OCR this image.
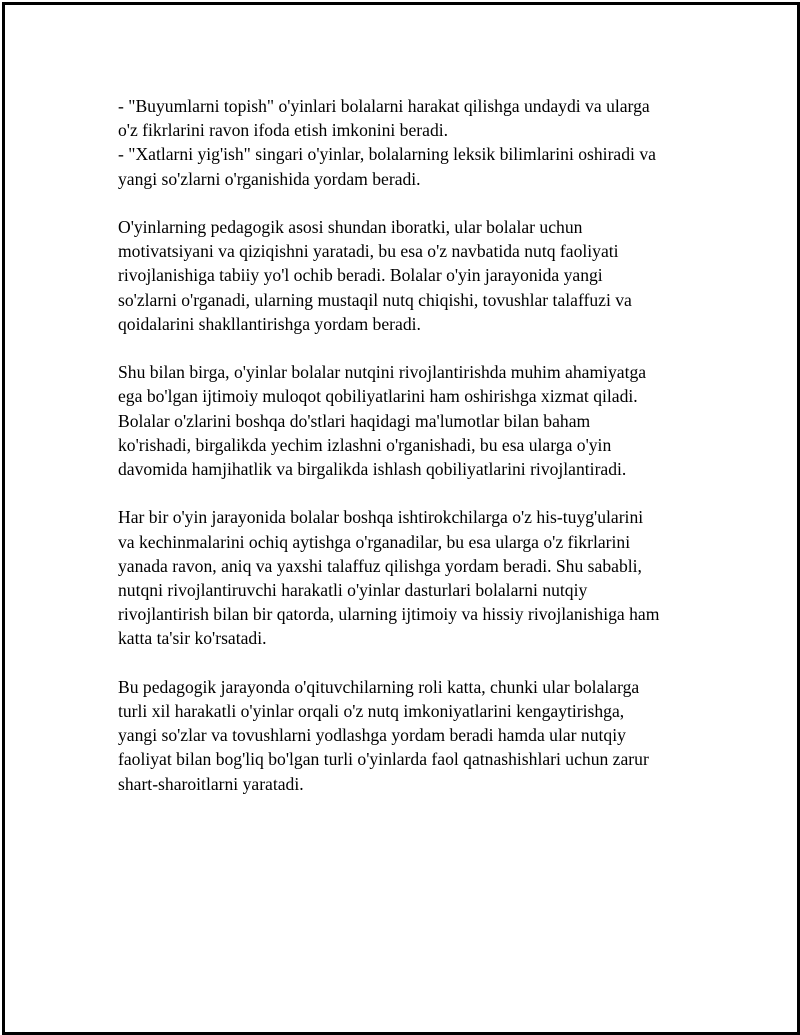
- "Buyumlarni topish" o'yinlari bolalarni harakat qilishga undaydi va ularga
o'z fikrlarini ravon ifoda etish imkonini beradi.
- "Xatlarni yig'ish" singari o'yinlar, bolalarning leksik bilimlarini oshiradi va
yangi so'zlarni o'rganishida yordam beradi.
O'yinlarning pedagogik asosi shundan iboratki, ular bolalar uchun
motivatsiyani va qiziqishni yaratadi, bu esa o'z navbatida nutq faoliyati
rivojlanishiga tabiiy yo'l ochib beradi. Bolalar o'yin jarayonida yangi
so'zlarni o'rganadi, ularning mustaqil nutq chiqishi, tovushlar talaffuzi va
qoidalarini shakllantirishga yordam beradi.
Shu bilan birga, o'yinlar bolalar nutqini rivojlantirishda muhim ahamiyatga
ega bo'lgan ijtimoiy muloqot qobiliyatlarini ham oshirishga xizmat qiladi.
Bolalar o'zlarini boshqa do'stlari haqidagi ma'lumotlar bilan baham
ko'rishadi, birgalikda yechim izlashni o'rganishadi, bu esa ularga o'yin
davomida hamjihatlik va birgalikda ishlash qobiliyatlarini rivojlantiradi.
Har bir o'yin jarayonida bolalar boshqa ishtirokchilarga o'z his-tuyg'ularini
va kechinmalarini ochiq aytishga o'rganadilar, bu esa ularga o'z fikrlarini
yanada ravon, aniq va yaxshi talaffuz qilishga yordam beradi. Shu sababli,
nutqni rivojlantiruvchi harakatli o'yinlar dasturlari bolalarni nutqiy
rivojlantirish bilan bir qatorda, ularning ijtimoiy va hissiy rivojlanishiga ham
katta ta'sir ko'rsatadi.
Bu pedagogik jarayonda o'qituvchilarning roli katta, chunki ular bolalarga
turli xil harakatli o'yinlar orqali o'z nutq imkoniyatlarini kengaytirishga,
yangi so'zlar va tovushlarni yodlashga yordam beradi hamda ular nutqiy
faoliyat bilan bog'liq bo'lgan turli o'yinlarda faol qatnashishlari uchun zarur
shart-sharoitlarni yaratadi.
